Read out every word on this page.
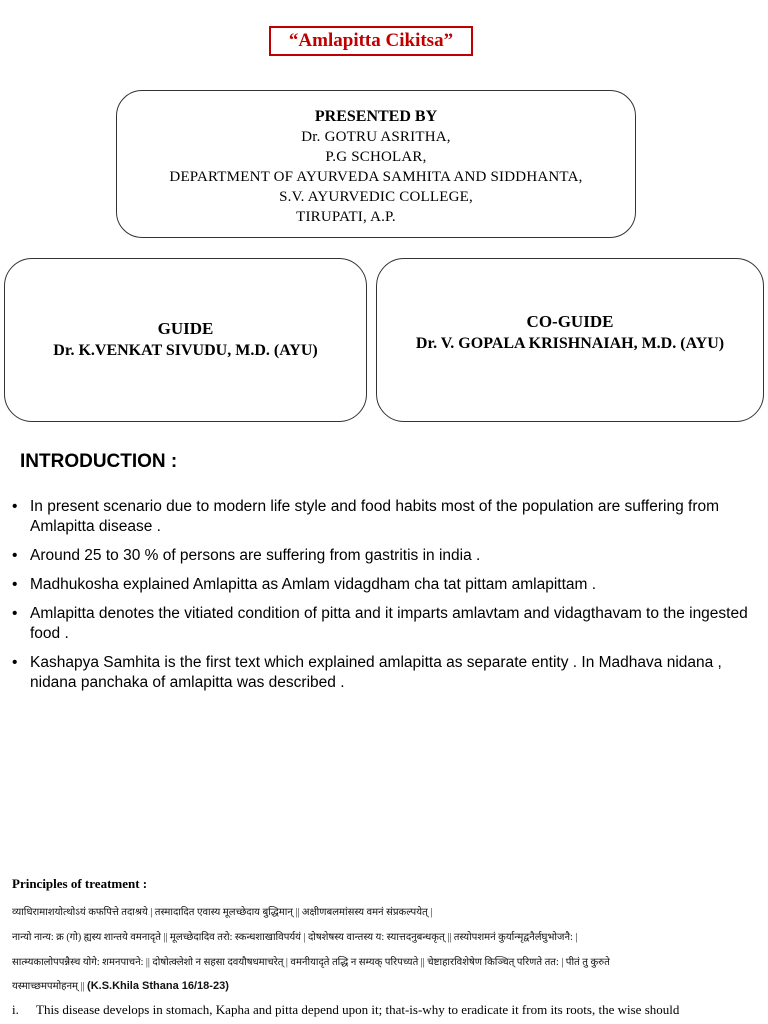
“Amlapitta Cikitsa”
PRESENTED BY
Dr. GOTRU ASRITHA,
P.G SCHOLAR,
DEPARTMENT OF AYURVEDA SAMHITA AND SIDDHANTA,
S.V. AYURVEDIC COLLEGE,
TIRUPATI, A.P.
GUIDE
Dr. K.VENKAT SIVUDU, M.D. (AYU)
CO-GUIDE
Dr. V. GOPALA KRISHNAIAH, M.D. (AYU)
INTRODUCTION :
• In present scenario due to modern life style and food habits most of the population are suffering from Amlapitta disease .
• Around 25 to 30 % of persons are suffering from gastritis in india .
• Madhukosha explained Amlapitta as Amlam vidagdham cha tat pittam amlapittam .
• Amlapitta denotes the vitiated condition of pitta and it imparts amlavtam and vidagthavam to the ingested food .
• Kashapya Samhita is the first text which explained amlapitta as separate entity . In Madhava nidana , nidana panchaka of amlapitta was described .
Principles of treatment :
व्याधिरामाशयोत्थोऽयं कफपित्ते तदाश्रये | तस्मादादित एवास्य मूलच्छेदाय बुद्धिमान् || अक्षीणबलमांसस्य वमनं संप्रकल्पयेत् |
नान्यो नान्य: क्र (गो) ह्यस्य शान्तये वमनादृते || मूलच्छेदादिव तरो: स्कन्धशाखाविपर्ययं | दोषशेषस्य वान्तस्य य: स्यात्तदनुबन्धकृत् || तस्योपशमनं कुर्यान्मृद्वनैर्लघुभोजनै: |
सात्म्यकालोपपन्नैस्च योगे: शमनपाचने: || दोषोत्क्लेशो न सहसा दवयौषधमाचरेत् | वमनीयादृते तद्धि न सम्यक् परिपच्यते || चेष्टाहारविशेषेण किञ्चित् परिणते तत: | पीतं तु कुरुते
यस्माच्छमपमोहनम् || (K.S.Khila Sthana 16/18-23)
i. This disease develops in stomach, Kapha and pitta depend upon it; that-is-why to eradicate it from its roots, the wise should
